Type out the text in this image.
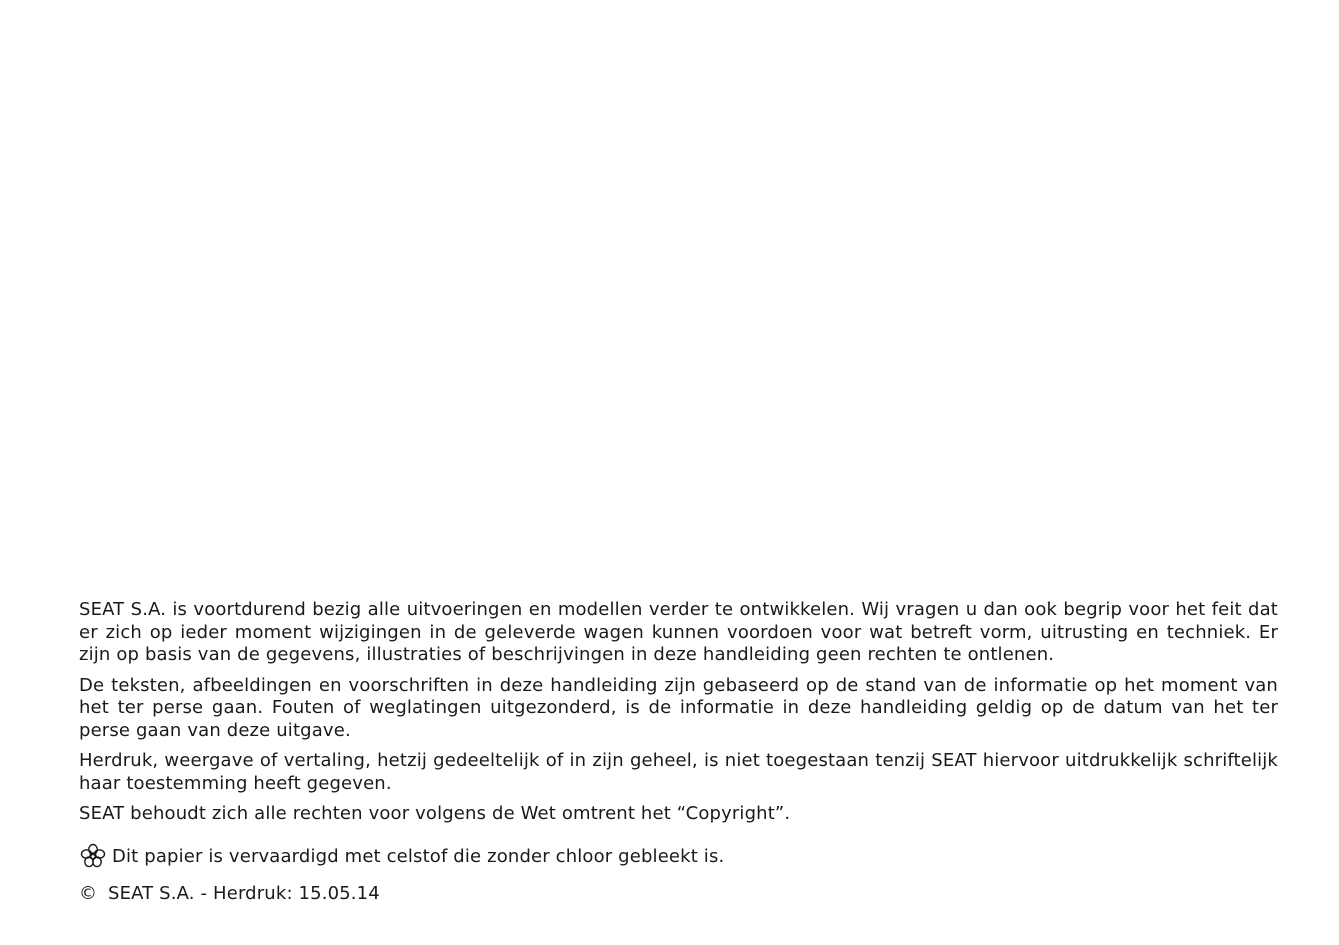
SEAT S.A. is voortdurend bezig alle uitvoeringen en modellen verder te ontwikkelen. Wij vragen u dan ook begrip voor het feit dat er zich op ieder moment wijzigingen in de geleverde wagen kunnen voordoen voor wat betreft vorm, uitrusting en techniek. Er zijn op basis van de gegevens, illustraties of beschrijvingen in deze handleiding geen rechten te ontlenen.

De teksten, afbeeldingen en voorschriften in deze handleiding zijn gebaseerd op de stand van de informatie op het moment van het ter perse gaan. Fouten of weglatingen uitgezonderd, is de informatie in deze handleiding geldig op de datum van het ter perse gaan van deze uitgave.

Herdruk, weergave of vertaling, hetzij gedeeltelijk of in zijn geheel, is niet toegestaan tenzij SEAT hiervoor uitdrukkelijk schriftelijk haar toestemming heeft gegeven.

SEAT behoudt zich alle rechten voor volgens de Wet omtrent het “Copyright”.

Dit papier is vervaardigd met celstof die zonder chloor gebleekt is.
© SEAT S.A. - Herdruk: 15.05.14
